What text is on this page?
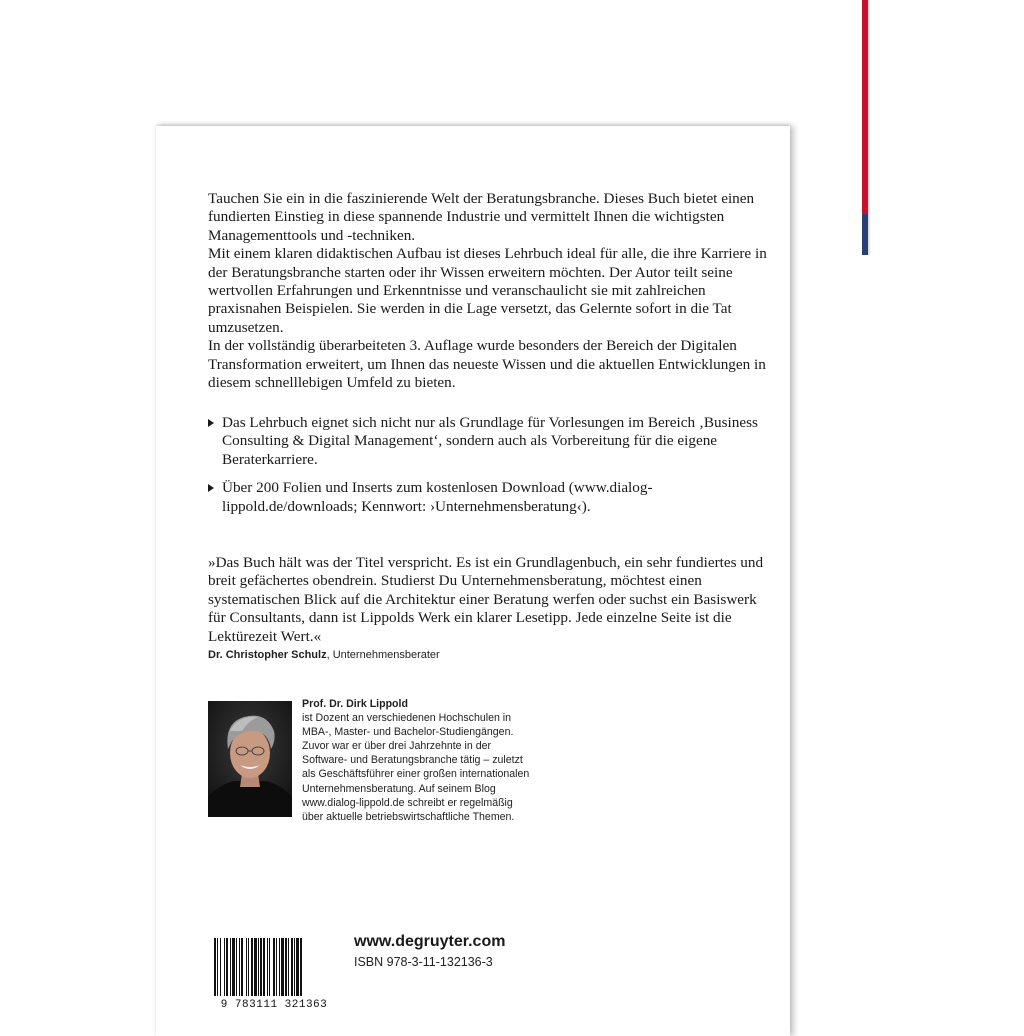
Tauchen Sie ein in die faszinierende Welt der Beratungsbranche. Dieses Buch bietet einen fundierten Einstieg in diese spannende Industrie und vermittelt Ihnen die wichtigsten Managementtools und -techniken.

Mit einem klaren didaktischen Aufbau ist dieses Lehrbuch ideal für alle, die ihre Karriere in der Beratungsbranche starten oder ihr Wissen erweitern möchten. Der Autor teilt seine wertvollen Erfahrungen und Erkenntnisse und veranschaulicht sie mit zahlreichen praxisnahen Beispielen. Sie werden in die Lage versetzt, das Gelernte sofort in die Tat umzusetzen.

In der vollständig überarbeiteten 3. Auflage wurde besonders der Bereich der Digitalen Transformation erweitert, um Ihnen das neueste Wissen und die aktuellen Entwicklungen in diesem schnelllebigen Umfeld zu bieten.

Das Lehrbuch eignet sich nicht nur als Grundlage für Vorlesungen im Bereich ‚Business Consulting & Digital Management‘, sondern auch als Vorbereitung für die eigene Beraterkarriere.
Über 200 Folien und Inserts zum kostenlosen Download (www.dialog-lippold.de/downloads; Kennwort: ›Unternehmensberatung‹).
»Das Buch hält was der Titel verspricht. Es ist ein Grundlagenbuch, ein sehr fundiertes und breit gefächertes obendrein. Studierst Du Unternehmensberatung, möchtest einen systematischen Blick auf die Architektur einer Beratung werfen oder suchst ein Basiswerk für Consultants, dann ist Lippolds Werk ein klarer Lesetipp. Jede einzelne Seite ist die Lektürezeit Wert.«
Dr. Christopher Schulz, Unternehmensberater
Prof. Dr. Dirk Lippold
ist Dozent an verschiedenen Hochschulen in
MBA-, Master- und Bachelor-Studiengängen.
Zuvor war er über drei Jahrzehnte in der
Software- und Beratungsbranche tätig – zuletzt
als Geschäftsführer einer großen internationalen
Unternehmensberatung. Auf seinem Blog
www.dialog-lippold.de schreibt er regelmäßig
über aktuelle betriebswirtschaftliche Themen.
9 783111 321363
www.degruyter.com
ISBN 978-3-11-132136-3
